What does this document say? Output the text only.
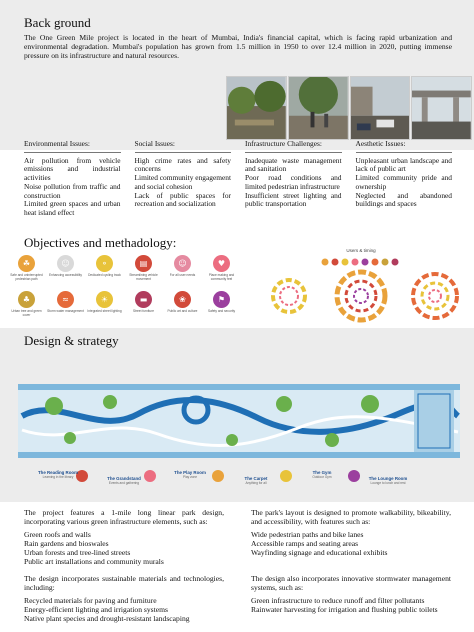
Back ground

The One Green Mile project is located in the heart of Mumbai, India's financial capital, which is facing rapid urbanization and environmental degradation. Mumbai's population has grown from 1.5 million in 1950 to over 12.4 million in 2020, putting immense pressure on its infrastructure and natural resources.

Environmental Issues:
Air pollution from vehicle emissions and industrial activities
Noise pollution from traffic and construction
Limited green spaces and urban heat island effect
Social Issues:
High crime rates and safety concerns
Limited community engagement and social cohesion
Lack of public spaces for recreation and socialization
Infrastructure Challenges:
Inadequate waste management and sanitation
Poor road conditions and limited pedestrian infrastructure
Insufficient street lighting and public transportation
Aesthetic Issues:
Unpleasant urban landscape and lack of public art
Limited community pride and ownership
Neglected and abandoned buildings and spaces
Objectives and methadology:
☘
Safe and uninterrupted pedestrian path
☺
Enhancing accessibility
⚬
Dedicated cycling track
▤
Streamlining vehicle movement
☺
For all user needs
♥
Place making and community feel
♣
Urban tree and green cover
≈
Storm water management
☀
Integrated street lighting
▬
Street furniture
❀
Public art and culture
⚑
Safety and security
Users & timing
Design & strategy
The Reading Room
Learning in the library	The Grandstand
Events and gathering
The Play Room
Play zone	The Carpet
Anything for all
The Gym
Outdoor Gym	The Lounge Room
Lounge to lunch and rest
The project features a 1-mile long linear park design, incorporating various green infrastructure elements, such as:
Green roofs and walls
Rain gardens and bioswales
Urban forests and tree-lined streets
Public art installations and community murals
The design incorporates sustainable materials and technologies, including:
Recycled materials for paving and furniture
Energy-efficient lighting and irrigation systems
Native plant species and drought-resistant landscaping
The park's layout is designed to promote walkability, bikeability, and accessibility, with features such as:
Wide pedestrian paths and bike lanes
Accessible ramps and seating areas
Wayfinding signage and educational exhibits
The design also incorporates innovative stormwater management systems, such as:
Green infrastructure to reduce runoff and filter pollutants
Rainwater harvesting for irrigation and flushing public toilets
